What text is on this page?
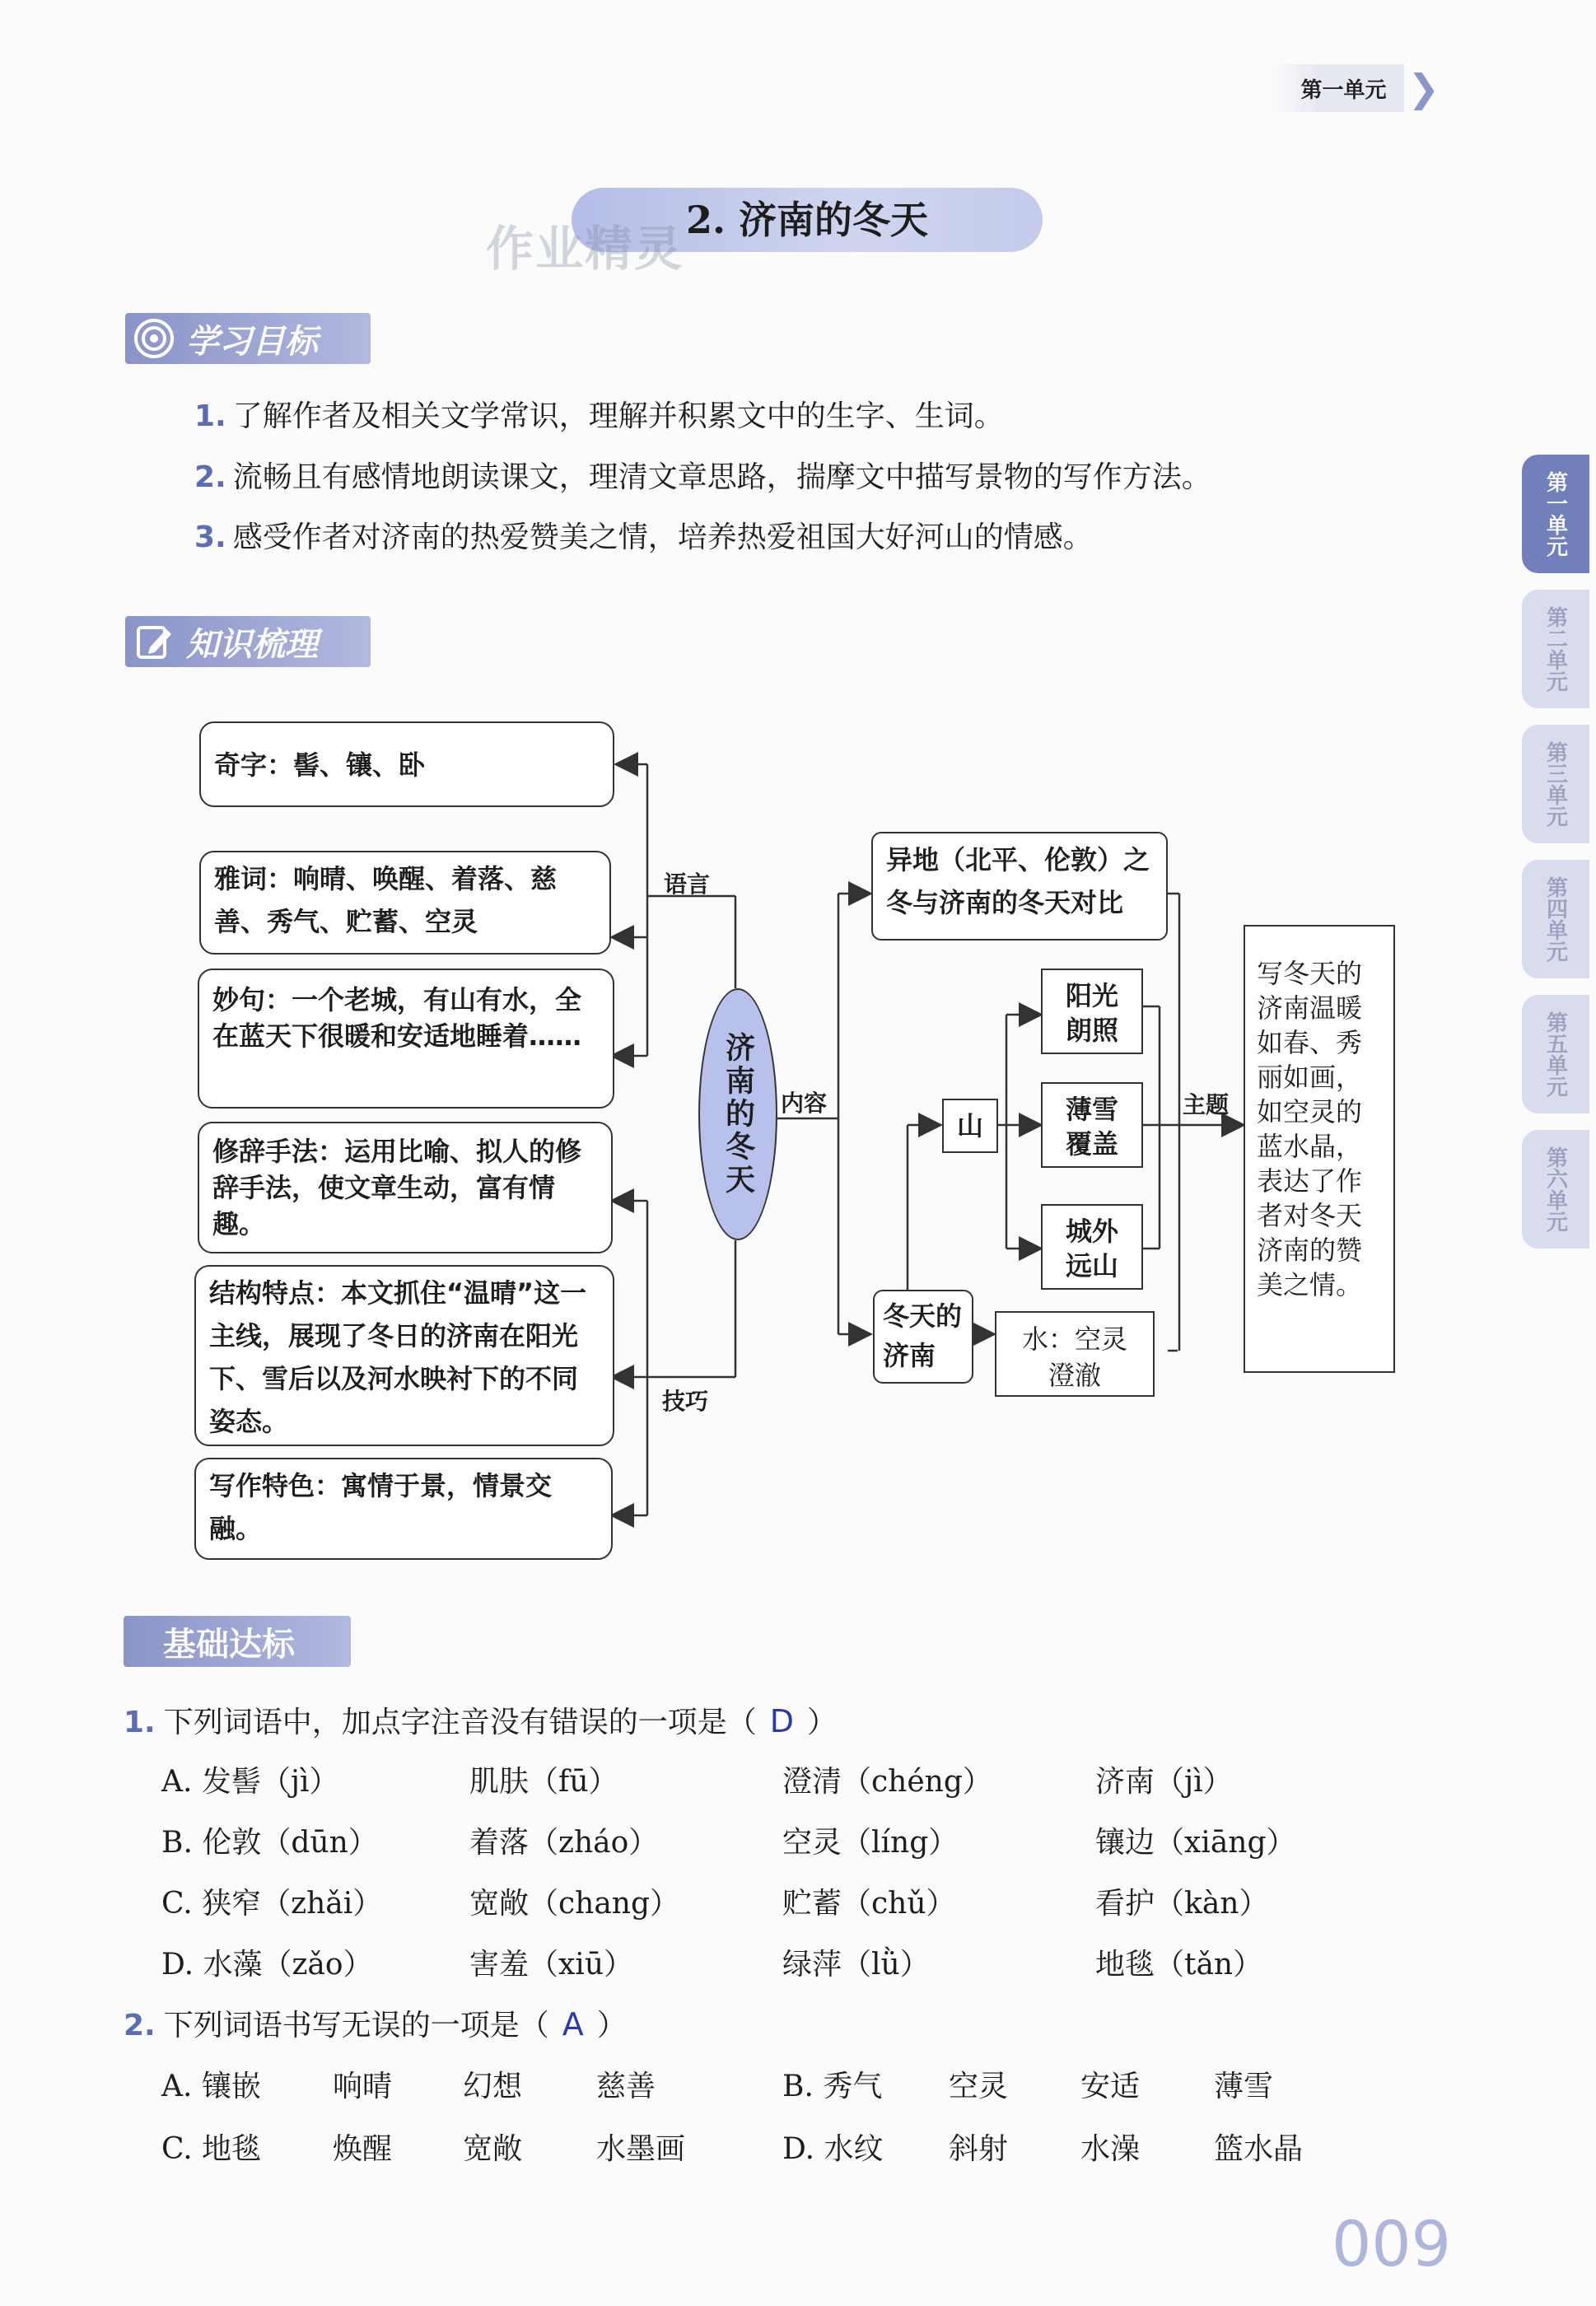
第一单元 ❯
2. 济南的冬天
作业精灵
学习目标
1. 了解作者及相关文学常识，理解并积累文中的生字、生词。
2. 流畅且有感情地朗读课文，理清文章思路，揣摩文中描写景物的写作方法。
3. 感受作者对济南的热爱赞美之情，培养热爱祖国大好河山的情感。
知识梳理
第一单元
第二单元
第三单元
第四单元
第五单元
第六单元
奇字：髻、镶、卧
雅词：响晴、唤醒、着落、慈善、秀气、贮蓄、空灵
妙句：一个老城，有山有水，全在蓝天下很暖和安适地睡着……
修辞手法：运用比喻、拟人的修辞手法，使文章生动，富有情趣。
结构特点：本文抓住“温晴”这一主线，展现了冬日的济南在阳光下、雪后以及河水映衬下的不同姿态。
写作特色：寓情于景，情景交融。
语言
技巧
内容	主题
济南的冬天
异地（北平、伦敦）之冬与济南的冬天对比
冬天的济南
山
阳光朗照
薄雪覆盖
城外远山
水：空灵澄澈
写冬天的济南温暖如春、秀丽如画，如空灵的蓝水晶，表达了作者对冬天济南的赞美之情。
基础达标
1. 下列词语中，加点字注音没有错误的一项是（ D ）
A. 发髻（jì）	肌肤（fū）	澄清（chéng）	济南（jì）
B. 伦敦（dūn）	着落（zháo）	空灵（líng）	镶边（xiāng）
C. 狭窄（zhǎi）	宽敞（chang）	贮蓄（chǔ）	看护（kàn）
D. 水藻（zǎo）	害羞（xiū）	绿萍（lǜ）	地毯（tǎn）
2. 下列词语书写无误的一项是（ A ）
A. 镶嵌 响晴 幻想 慈善	B. 秀气 空灵 安适 薄雪
C. 地毯 焕醒 宽敞 水墨画	D. 水纹 斜射 水澡 篮水晶
009
